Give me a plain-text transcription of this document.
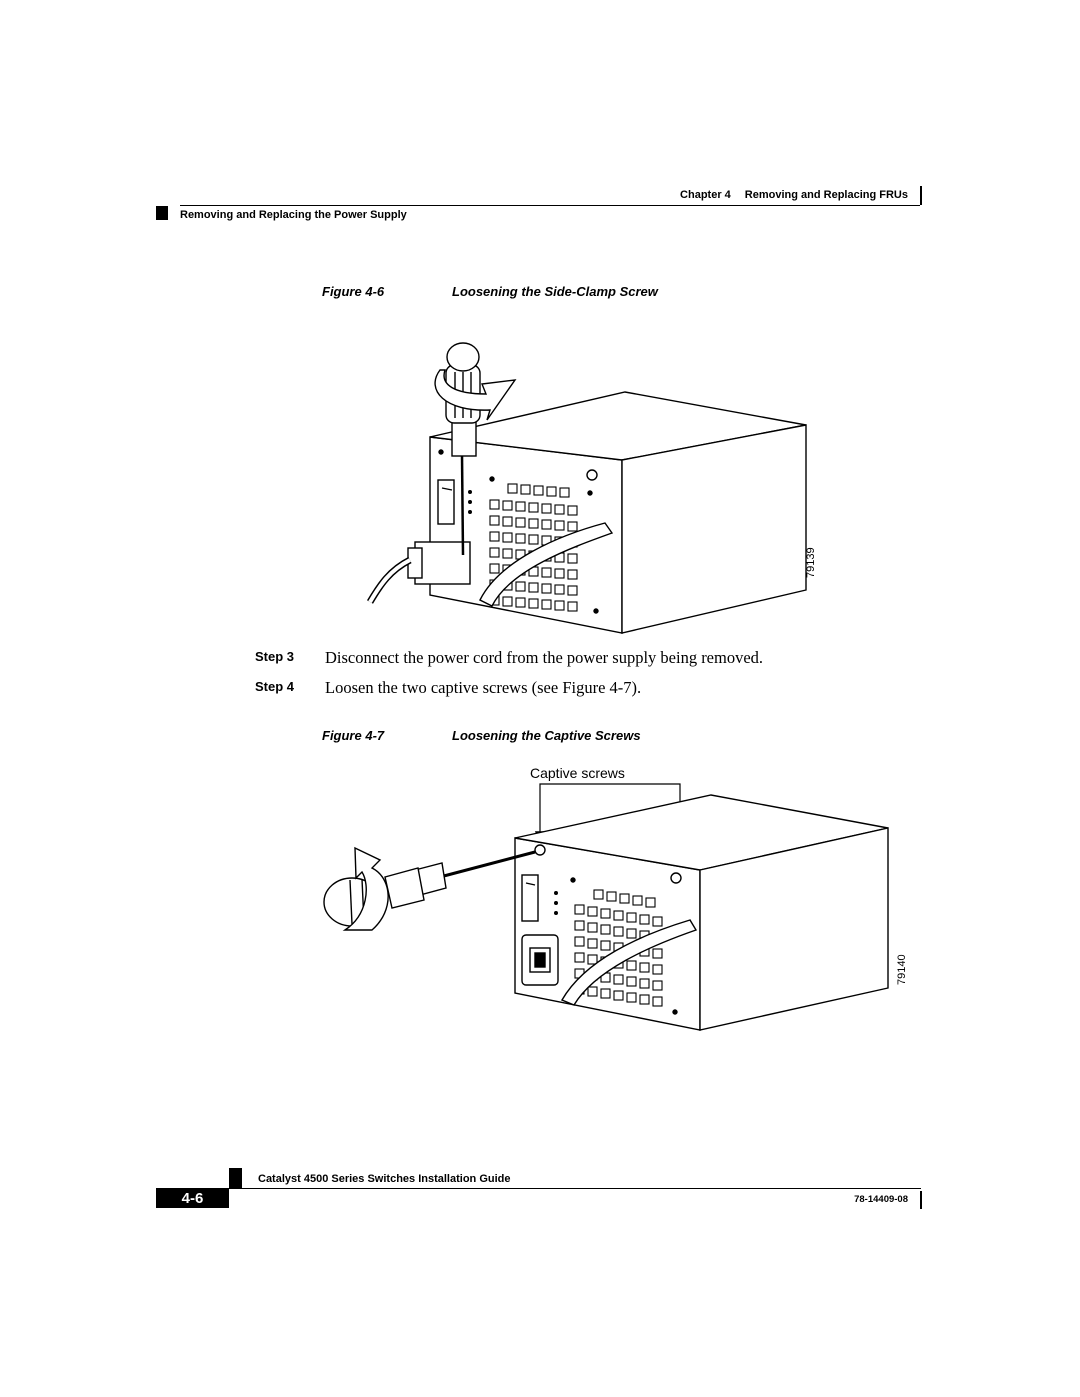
Chapter 4 Removing and Replacing FRUs
Removing and Replacing the Power Supply
Figure 4-6	Loosening the Side-Clamp Screw
79139
Step 3 Disconnect the power cord from the power supply being removed.
Step 4 Loosen the two captive screws (see Figure 4-7).
Figure 4-7	Loosening the Captive Screws
Captive screws
79140
Catalyst 4500 Series Switches Installation Guide
4-6	78-14409-08
